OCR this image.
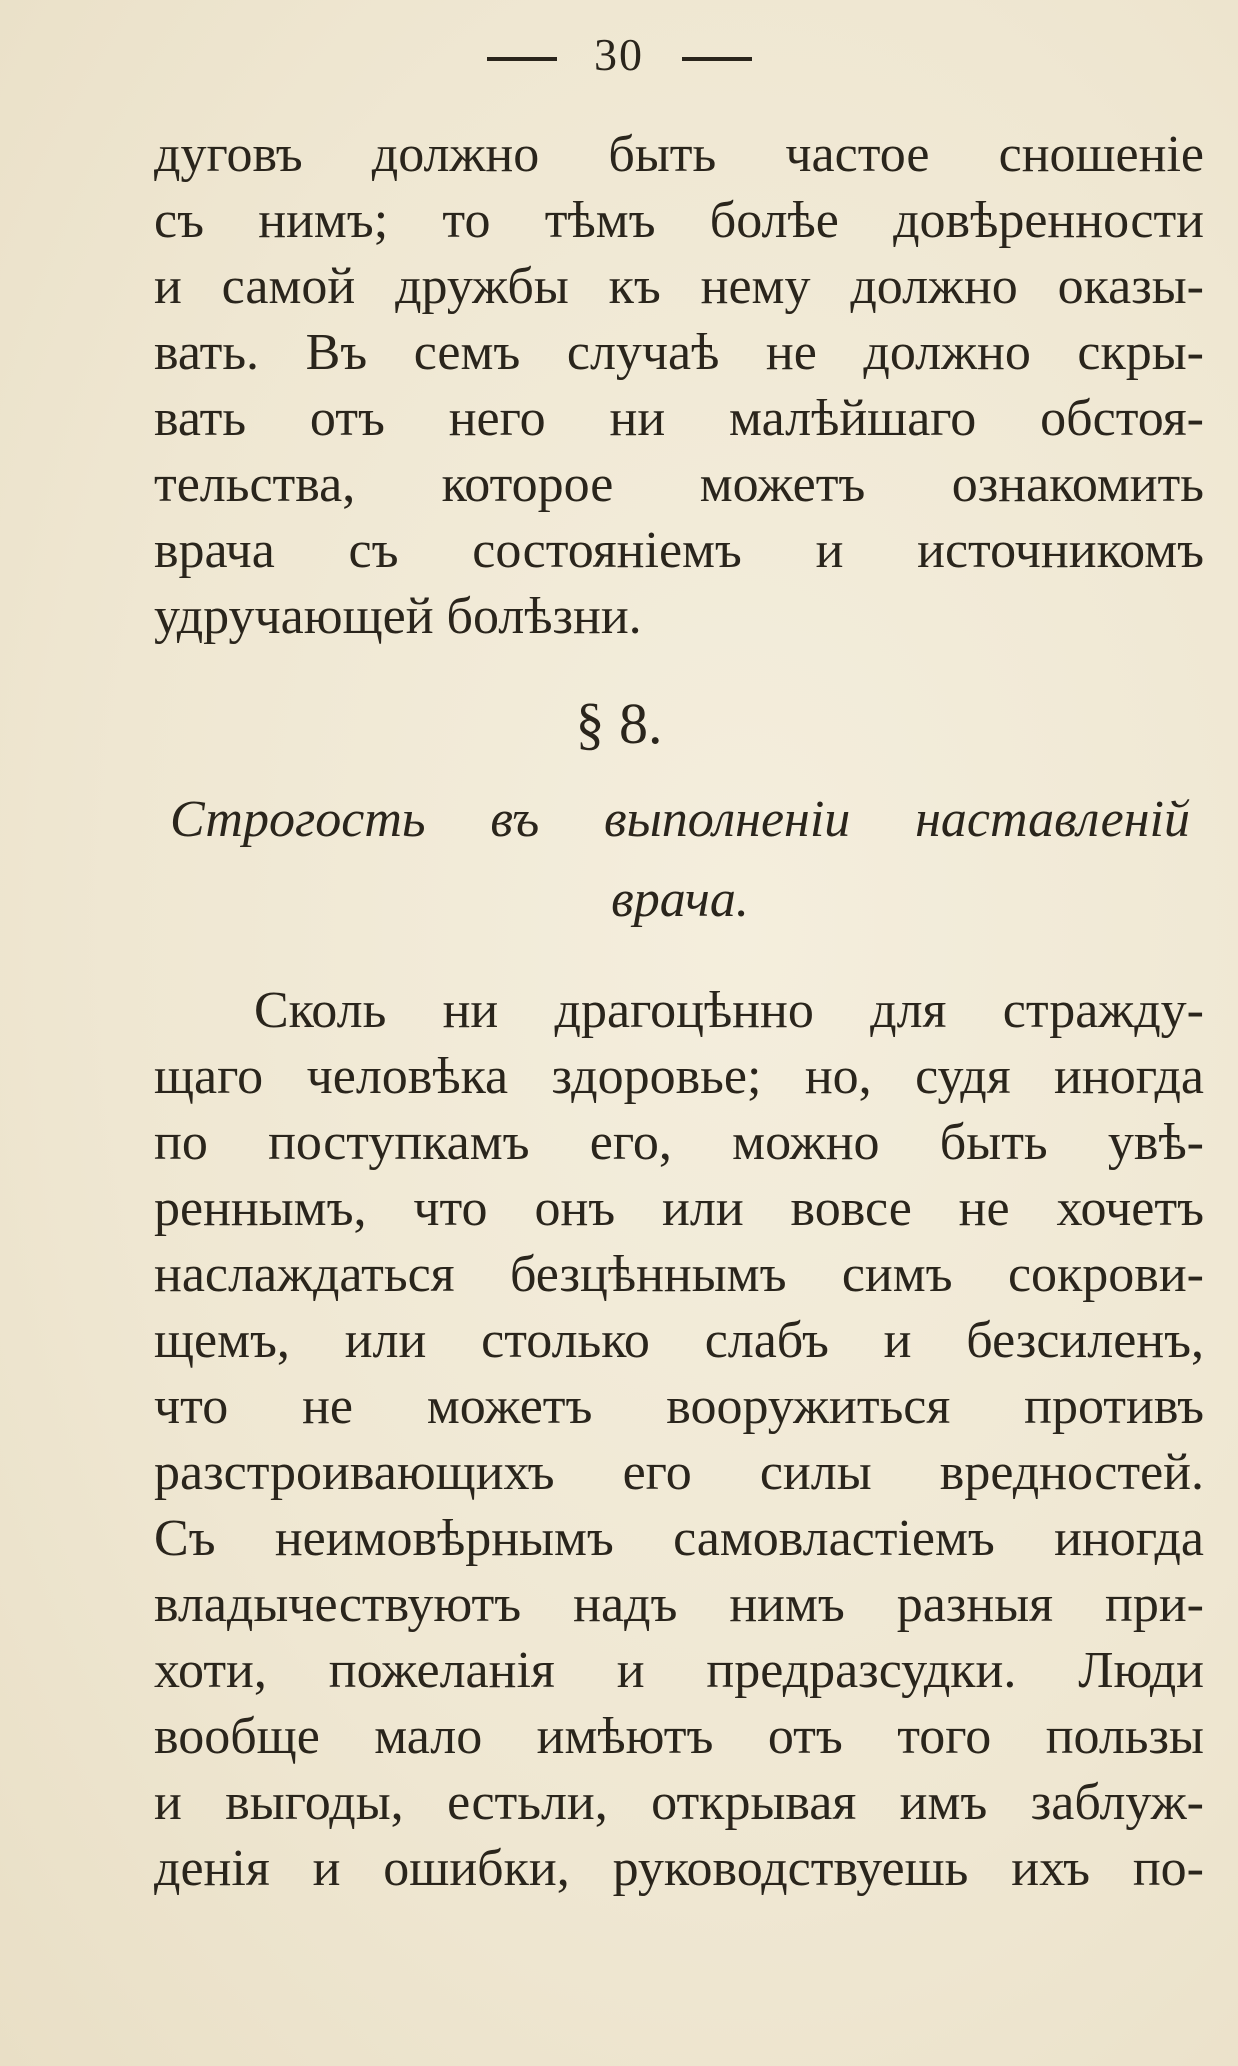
30
дуговъ должно быть частое сношеніе
съ нимъ; то тѣмъ болѣе довѣренности
и самой дружбы къ нему должно оказы-
вать. Въ семъ случаѣ не должно скры-
вать отъ него ни малѣйшаго обстоя-
тельства, которое можетъ ознакомить
врача съ состояніемъ и источникомъ
удручающей болѣзни.
§ 8.
Строгость въ выполненіи наставленій
врача.
Сколь ни драгоцѣнно для стражду-
щаго человѣка здоровье; но, судя иногда
по поступкамъ его, можно быть увѣ-
реннымъ, что онъ или вовсе не хочетъ
наслаждаться безцѣннымъ симъ сокрови-
щемъ, или столько слабъ и безсиленъ,
что не можетъ вооружиться противъ
разстроивающихъ его силы вредностей.
Съ неимовѣрнымъ самовластіемъ иногда
владычествуютъ надъ нимъ разныя при-
хоти, пожеланія и предразсудки. Люди
вообще мало имѣютъ отъ того пользы
и выгоды, естьли, открывая имъ заблуж-
денія и ошибки, руководствуешь ихъ по-
